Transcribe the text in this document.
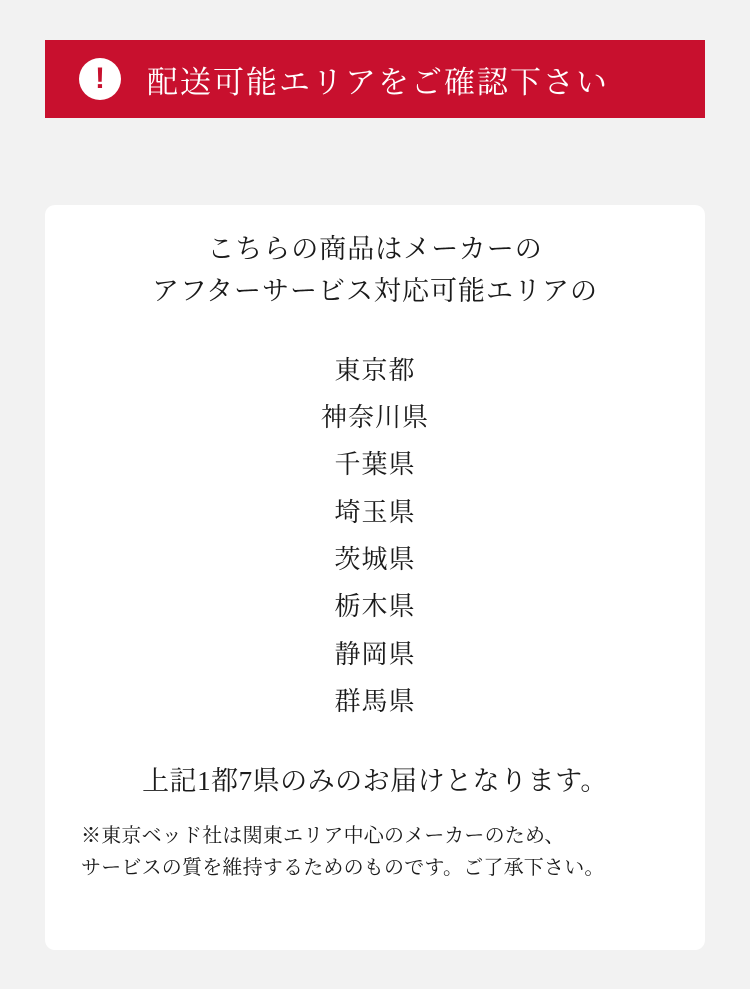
! 配送可能エリアをご確認下さい

こちらの商品はメーカーの
アフターサービス対応可能エリアの

東京都
神奈川県
千葉県
埼玉県
茨城県
栃木県
静岡県
群馬県

上記1都7県のみのお届けとなります。

※東京ベッド社は関東エリア中心のメーカーのため、
サービスの質を維持するためのものです。ご了承下さい。
